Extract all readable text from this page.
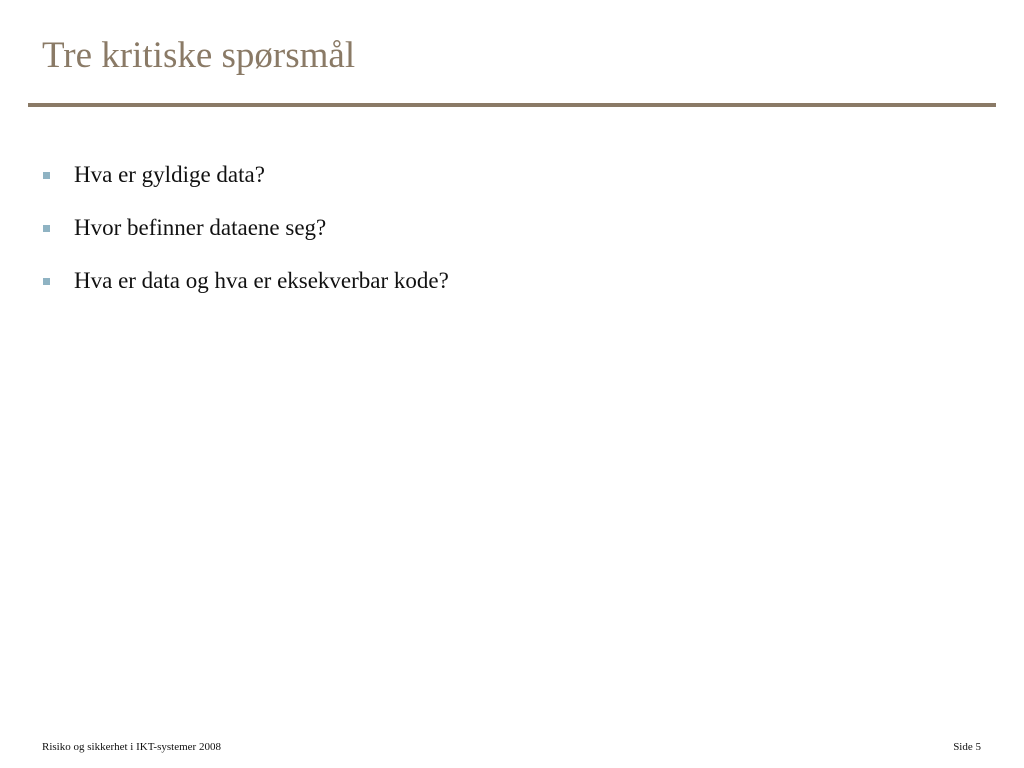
Tre kritiske spørsmål
Hva er gyldige data?
Hvor befinner dataene seg?
Hva er data og hva er eksekverbar kode?
Risiko og sikkerhet i IKT-systemer 2008	Side 5
